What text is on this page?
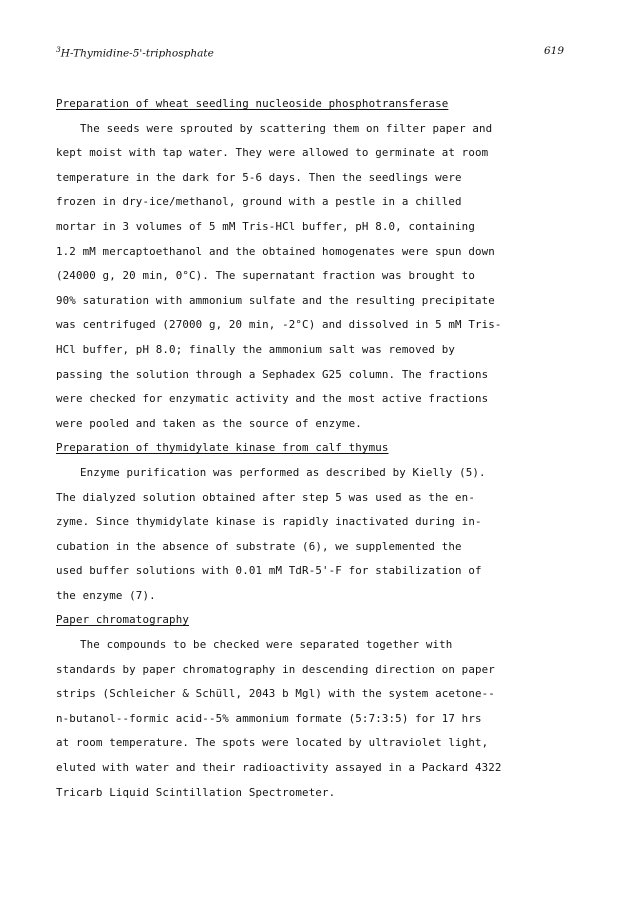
$^3$H-Thymidine-5'-triphosphate	619
Preparation of wheat seedling nucleoside phosphotransferase
The seeds were sprouted by scattering them on filter paper and
kept moist with tap water. They were allowed to germinate at room
temperature in the dark for 5-6 days. Then the seedlings were
frozen in dry-ice/methanol, ground with a pestle in a chilled
mortar in 3 volumes of 5 mM Tris-HCl buffer, pH 8.0, containing
1.2 mM mercaptoethanol and the obtained homogenates were spun down
(24000 g, 20 min, 0°C). The supernatant fraction was brought to
90% saturation with ammonium sulfate and the resulting precipitate
was centrifuged (27000 g, 20 min, -2°C) and dissolved in 5 mM Tris-
HCl buffer, pH 8.0; finally the ammonium salt was removed by
passing the solution through a Sephadex G25 column. The fractions
were checked for enzymatic activity and the most active fractions
were pooled and taken as the source of enzyme.
Preparation of thymidylate kinase from calf thymus
Enzyme purification was performed as described by Kielly (5).
The dialyzed solution obtained after step 5 was used as the en-
zyme. Since thymidylate kinase is rapidly inactivated during in-
cubation in the absence of substrate (6), we supplemented the
used buffer solutions with 0.01 mM TdR-5'-F for stabilization of
the enzyme (7).
Paper chromatography
The compounds to be checked were separated together with
standards by paper chromatography in descending direction on paper
strips (Schleicher & Schüll, 2043 b Mgl) with the system acetone--
n-butanol--formic acid--5% ammonium formate (5:7:3:5) for 17 hrs
at room temperature. The spots were located by ultraviolet light,
eluted with water and their radioactivity assayed in a Packard 4322
Tricarb Liquid Scintillation Spectrometer.
